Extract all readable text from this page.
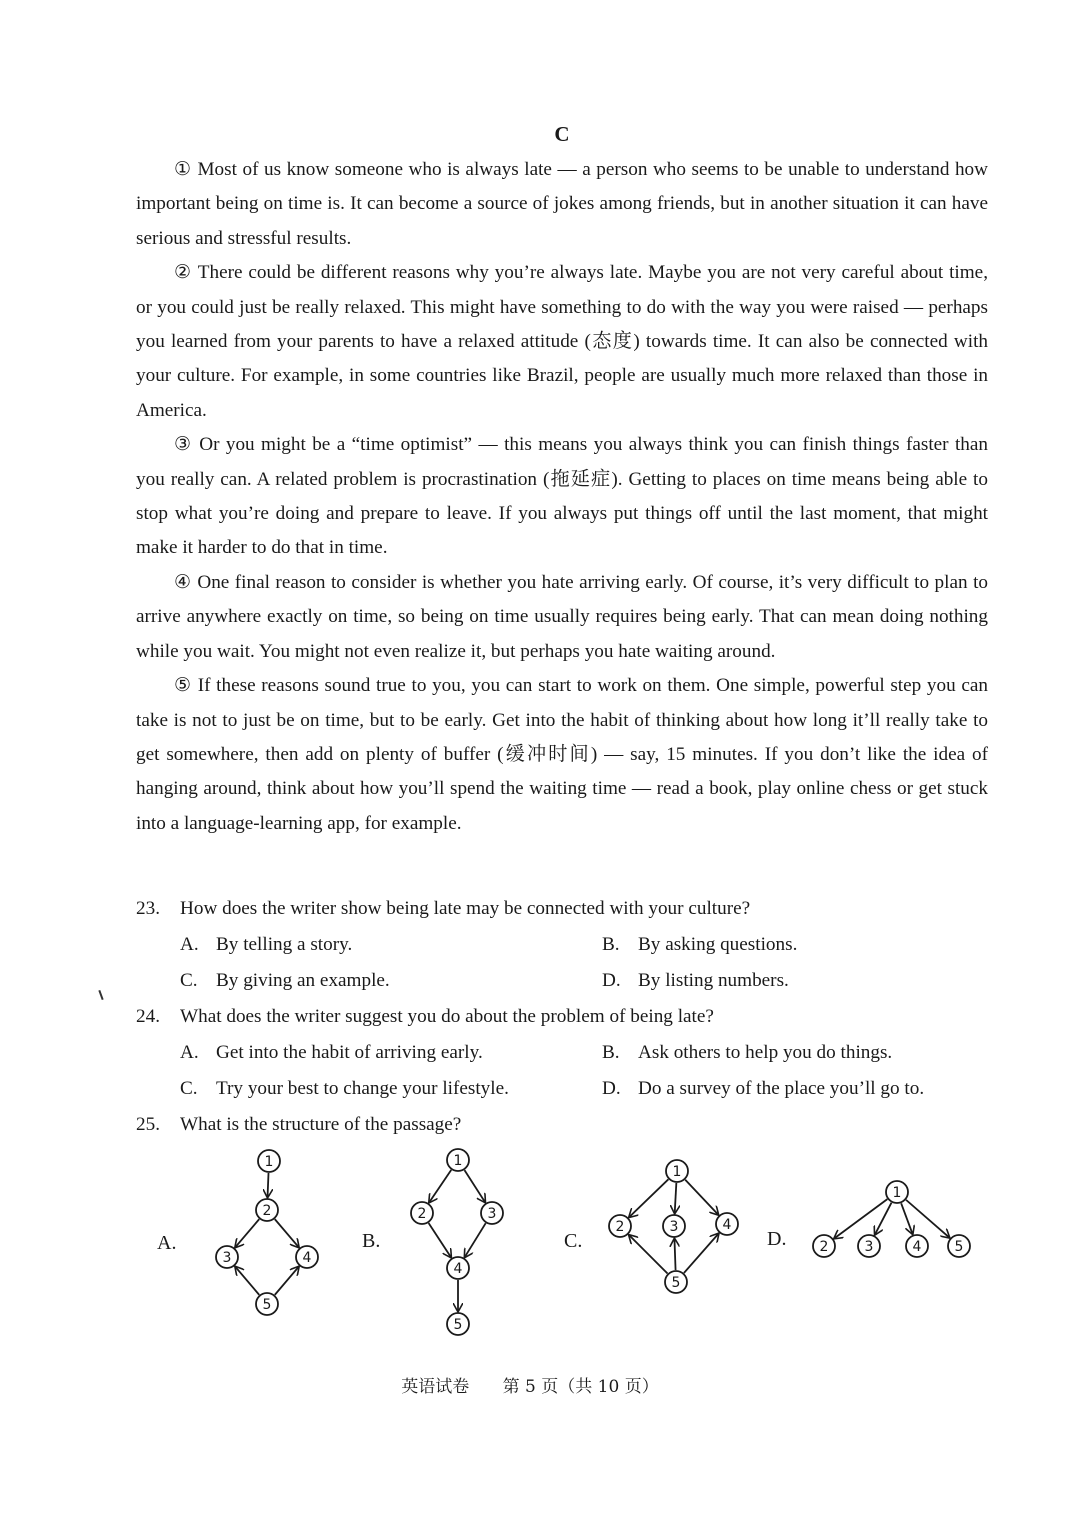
C

① Most of us know someone who is always late — a person who seems to be unable to understand how important being on time is. It can become a source of jokes among friends, but in another situation it can have serious and stressful results.

② There could be different reasons why you’re always late. Maybe you are not very careful about time, or you could just be really relaxed. This might have something to do with the way you were raised — perhaps you learned from your parents to have a relaxed attitude (态度) towards time. It can also be connected with your culture. For example, in some countries like Brazil, people are usually much more relaxed than those in America.

③ Or you might be a “time optimist” — this means you always think you can finish things faster than you really can. A related problem is procrastination (拖延症). Getting to places on time means being able to stop what you’re doing and prepare to leave. If you always put things off until the last moment, that might make it harder to do that in time.

④ One final reason to consider is whether you hate arriving early. Of course, it’s very difficult to plan to arrive anywhere exactly on time, so being on time usually requires being early. That can mean doing nothing while you wait. You might not even realize it, but perhaps you hate waiting around.

⑤ If these reasons sound true to you, you can start to work on them. One simple, powerful step you can take is not to just be on time, but to be early. Get into the habit of thinking about how long it’ll really take to get somewhere, then add on plenty of buffer (缓冲时间) — say, 15 minutes. If you don’t like the idea of hanging around, think about how you’ll spend the waiting time — read a book, play online chess or get stuck into a language-learning app, for example.

23. How does the writer show being late may be connected with your culture?

A. By telling a story.	B. By asking questions.
C. By giving an example.	D. By listing numbers.

24. What does the writer suggest you do about the problem of being late?

A. Get into the habit of arriving early.	B. Ask others to help you do things.
C. Try your best to change your lifestyle.	D. Do a survey of the place you’ll go to.

25. What is the structure of the passage?

A.	B.	C.	D.
1
2
3	4
5
1
2	3
4
5
1
2	3	4
5
1
2	3	4 5
英语试卷 第 5 页（共 10 页）
